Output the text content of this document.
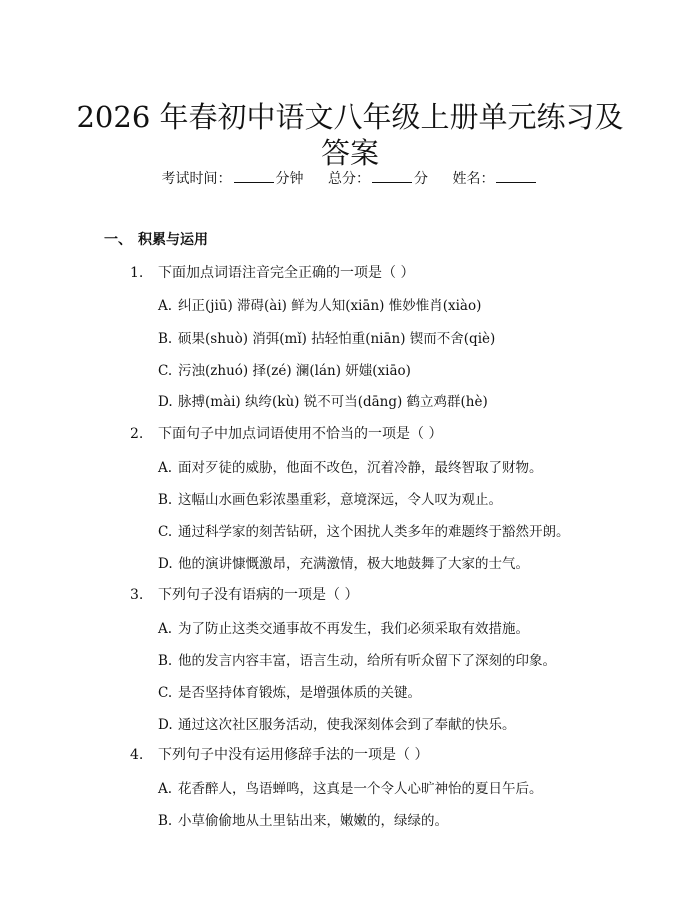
2026 年春初中语文八年级上册单元练习及答案
考试时间：	分钟 总分：	分 姓名：
一、 积累与运用
1. 下面加点词语注音完全正确的一项是（ ）
A. 纠正(jiū) 滞碍(ài) 鲜为人知(xiān) 惟妙惟肖(xiào)
B. 硕果(shuò) 消弭(mǐ) 拈轻怕重(niān) 锲而不舍(qiè)
C. 污浊(zhuó) 择(zé) 澜(lán) 妍媸(xiāo)
D. 脉搏(mài) 纨绔(kù) 锐不可当(dāng) 鹤立鸡群(hè)
2. 下面句子中加点词语使用不恰当的一项是（ ）
A. 面对歹徒的威胁，他面不改色，沉着冷静，最终智取了财物。
B. 这幅山水画色彩浓墨重彩，意境深远，令人叹为观止。
C. 通过科学家的刻苦钻研，这个困扰人类多年的难题终于豁然开朗。
D. 他的演讲慷慨激昂，充满激情，极大地鼓舞了大家的士气。
3. 下列句子没有语病的一项是（ ）
A. 为了防止这类交通事故不再发生，我们必须采取有效措施。
B. 他的发言内容丰富，语言生动，给所有听众留下了深刻的印象。
C. 是否坚持体育锻炼，是增强体质的关键。
D. 通过这次社区服务活动，使我深刻体会到了奉献的快乐。
4. 下列句子中没有运用修辞手法的一项是（ ）
A. 花香醉人，鸟语蝉鸣，这真是一个令人心旷神怡的夏日午后。
B. 小草偷偷地从土里钻出来，嫩嫩的，绿绿的。
